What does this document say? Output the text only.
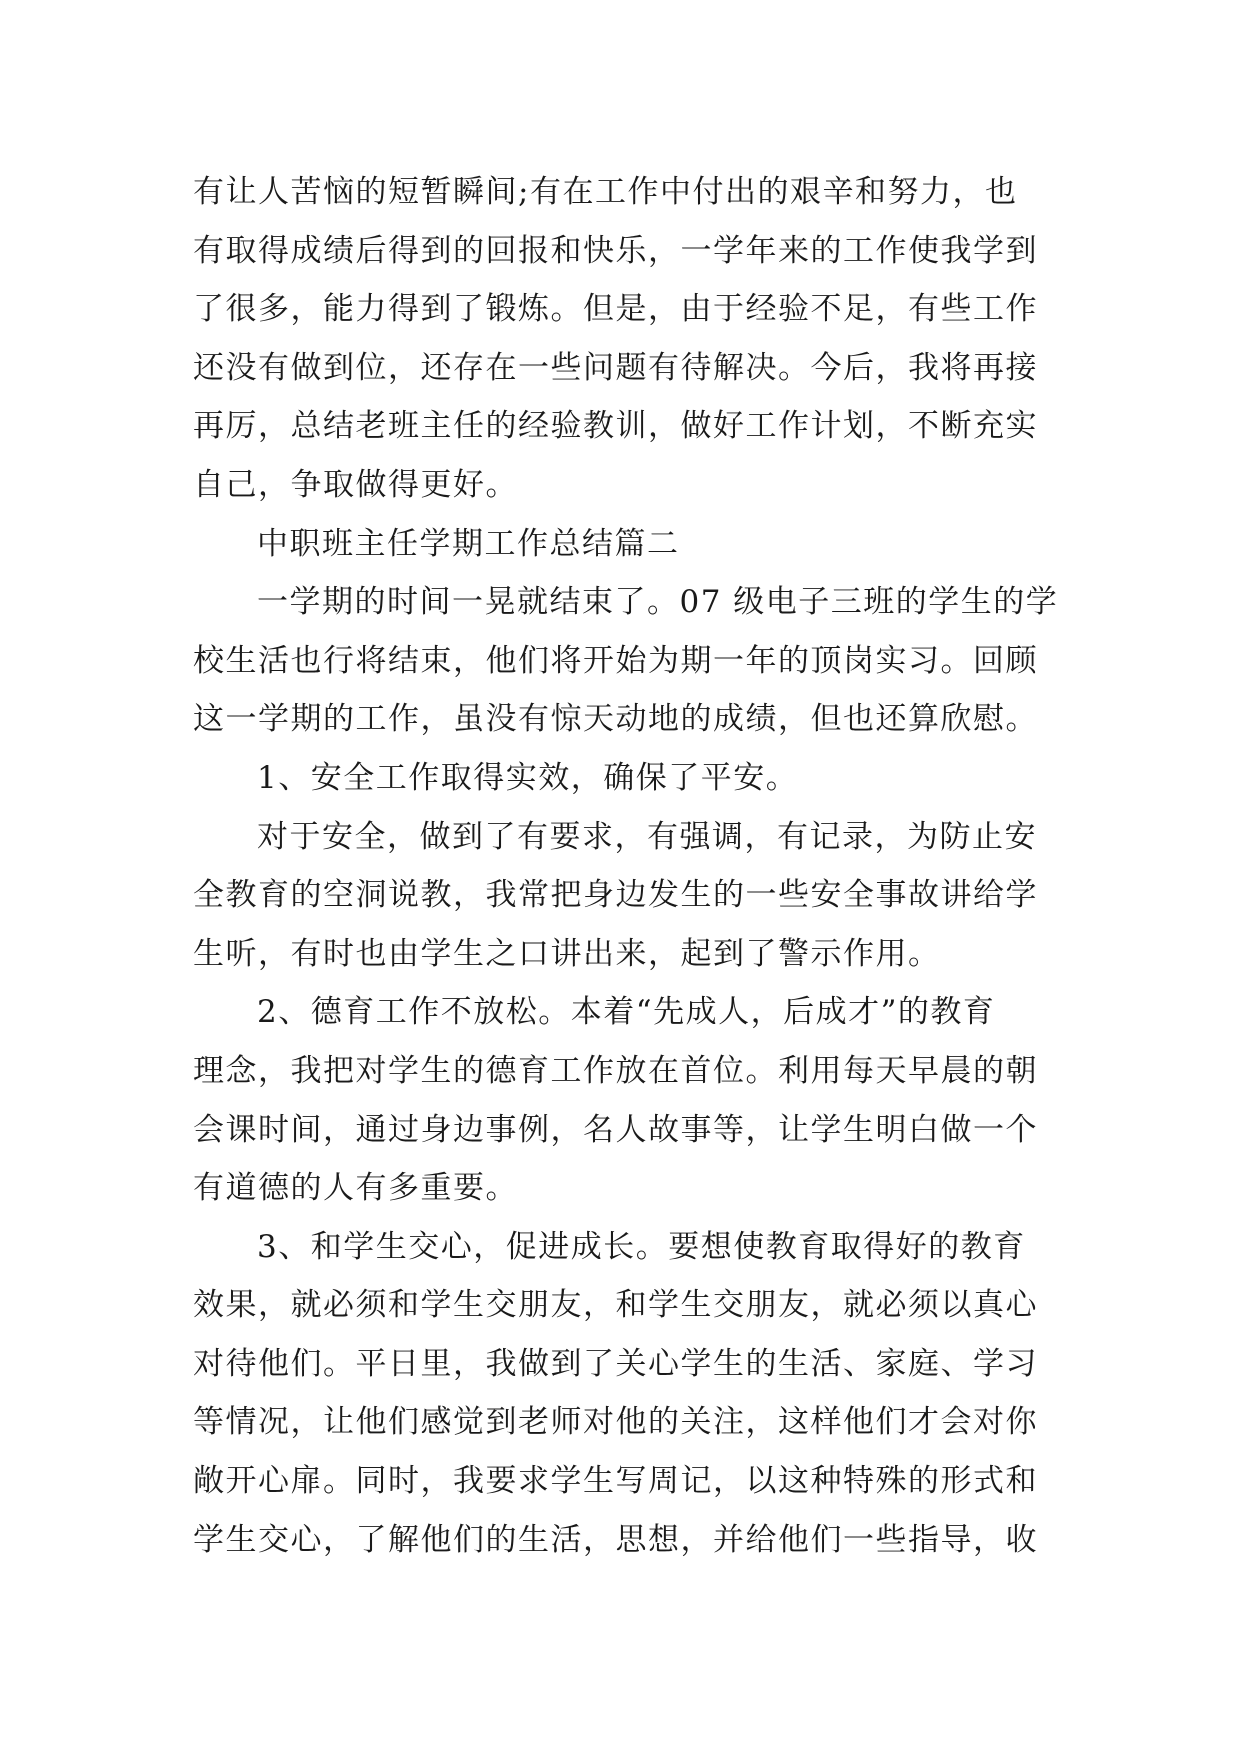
有让人苦恼的短暂瞬间;有在工作中付出的艰辛和努力，也
有取得成绩后得到的回报和快乐，一学年来的工作使我学到
了很多，能力得到了锻炼。但是，由于经验不足，有些工作
还没有做到位，还存在一些问题有待解决。今后，我将再接
再厉，总结老班主任的经验教训，做好工作计划，不断充实
自己，争取做得更好。
中职班主任学期工作总结篇二
一学期的时间一晃就结束了。07 级电子三班的学生的学
校生活也行将结束，他们将开始为期一年的顶岗实习。回顾
这一学期的工作，虽没有惊天动地的成绩，但也还算欣慰。
1、安全工作取得实效，确保了平安。
对于安全，做到了有要求，有强调，有记录，为防止安
全教育的空洞说教，我常把身边发生的一些安全事故讲给学
生听，有时也由学生之口讲出来，起到了警示作用。
2、德育工作不放松。本着“先成人，后成才”的教育
理念，我把对学生的德育工作放在首位。利用每天早晨的朝
会课时间，通过身边事例，名人故事等，让学生明白做一个
有道德的人有多重要。
3、和学生交心，促进成长。要想使教育取得好的教育
效果，就必须和学生交朋友，和学生交朋友，就必须以真心
对待他们。平日里，我做到了关心学生的生活、家庭、学习
等情况，让他们感觉到老师对他的关注，这样他们才会对你
敞开心扉。同时，我要求学生写周记，以这种特殊的形式和
学生交心，了解他们的生活，思想，并给他们一些指导，收
